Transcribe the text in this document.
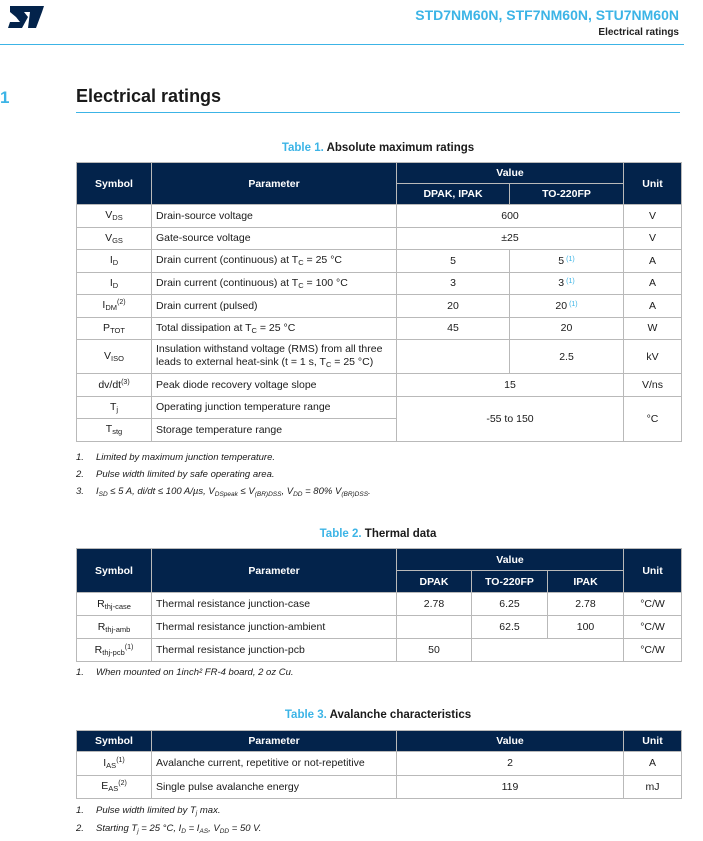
ST
STD7NM60N, STF7NM60N, STU7NM60N
Electrical ratings
1	Electrical ratings
Table 1. Absolute maximum ratings
Symbol	Parameter	Value		Unit
		DPAK, IPAK	TO-220FP	
$V_{DS}$	Drain-source voltage	600		V
$V_{GS}$	Gate-source voltage	±25		V
$I_D$	Drain current (continuous) at $T_C = 25$ °C	5	5 $^{(1)}$	A
$I_D$	Drain current (continuous) at $T_C = 100$ °C	3	3 $^{(1)}$	A
$I_{DM}^{(2)}$	Drain current (pulsed)	20	20 $^{(1)}$	A
$P_{TOT}$	Total dissipation at $T_C = 25$ °C	45	20	W
$V_{ISO}$	Insulation withstand voltage (RMS) from all three leads to external heat-sink (t = 1 s, $T_C = 25$ °C)		2.5	kV
$dv/dt^{(3)}$	Peak diode recovery voltage slope	15		V/ns
$T_j$	Operating junction temperature range	-55 to 150		°C
$T_{stg}$	Storage temperature range			
1. Limited by maximum junction temperature.
2. Pulse width limited by safe operating area.
3. $I_{SD} \le 5$ A, di/dt ≤ 100 A/µs, $V_{DSpeak} \le V_{(BR)DSS}$, $V_{DD} = 80\%$ $V_{(BR)DSS}$.
Table 2. Thermal data
Symbol	Parameter	Value			Unit
		DPAK	TO-220FP	IPAK	
$R_{thj-case}$	Thermal resistance junction-case	2.78	6.25	2.78	°C/W
$R_{thj-amb}$	Thermal resistance junction-ambient		62.5	100	°C/W
$R_{thj-pcb}^{(1)}$	Thermal resistance junction-pcb	50			°C/W
1. When mounted on 1inch² FR-4 board, 2 oz Cu.
Table 3. Avalanche characteristics
Symbol	Parameter	Value	Unit
$I_{AS}^{(1)}$	Avalanche current, repetitive or not-repetitive	2	A
$E_{AS}^{(2)}$	Single pulse avalanche energy	119	mJ
1. Pulse width limited by $T_j$ max.
2. Starting $T_j = 25$ °C, $I_D = I_{AS}$, $V_{DD} = 50$ V.
